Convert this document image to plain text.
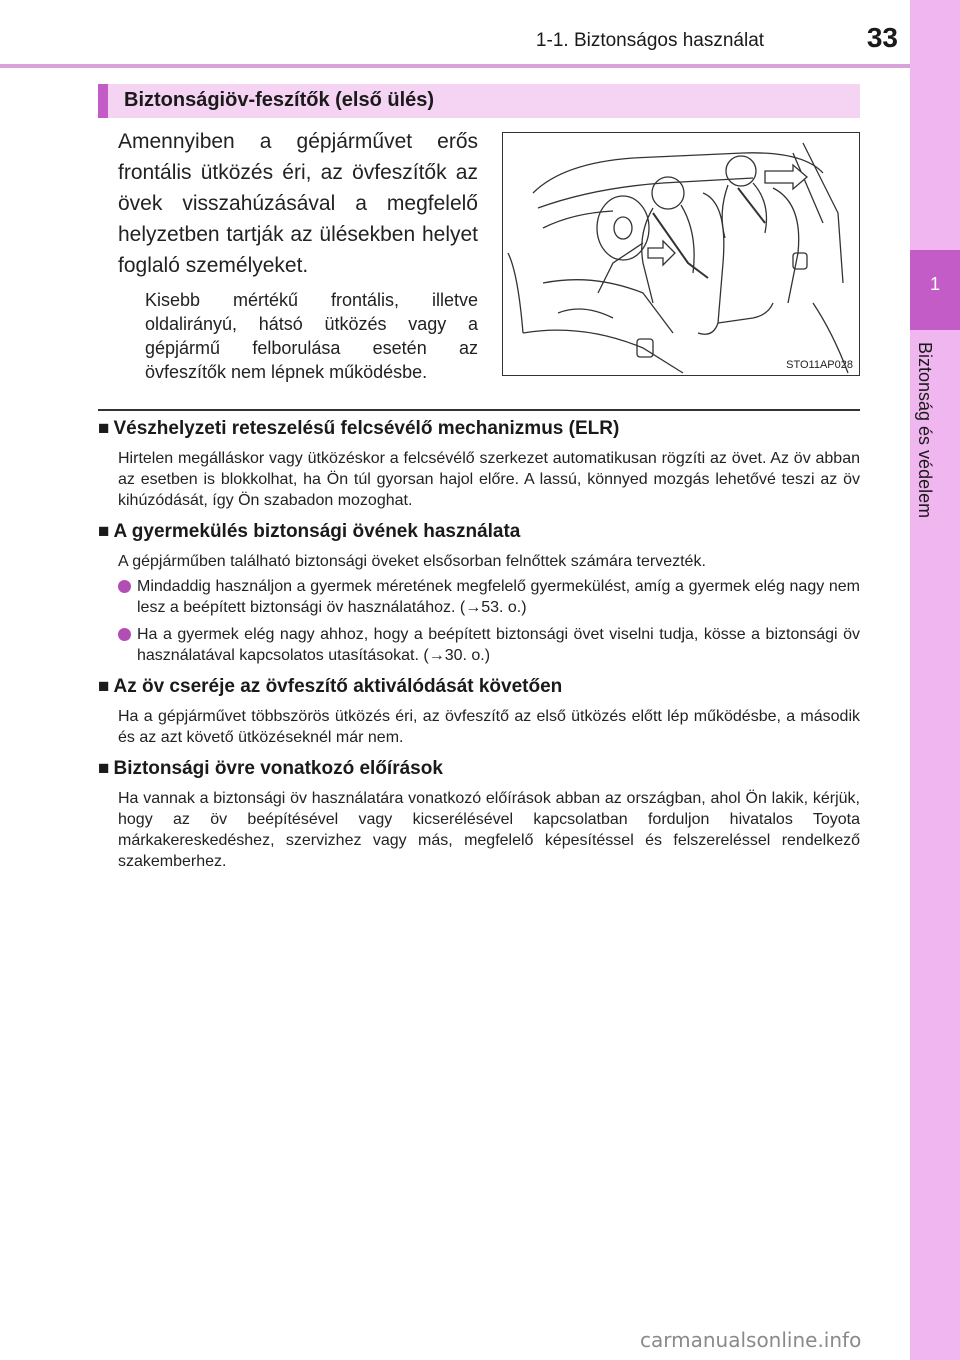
1-1. Biztonságos használat	33
1
Biztonság és védelem
Biztonságiöv-feszítők (első ülés)
Amennyiben a gépjárművet erős frontális ütközés éri, az övfeszítők az övek visszahúzásával a megfelelő helyzetben tartják az ülésekben helyet foglaló személyeket.
Kisebb mértékű frontális, illetve oldalirányú, hátsó ütközés vagy a gépjármű felborulása esetén az övfeszítők nem lépnek működésbe.	STO11AP028
■ Vészhelyzeti reteszelésű felcsévélő mechanizmus (ELR)
Hirtelen megálláskor vagy ütközéskor a felcsévélő szerkezet automatikusan rögzíti az övet. Az öv abban az esetben is blokkolhat, ha Ön túl gyorsan hajol előre. A lassú, könnyed mozgás lehetővé teszi az öv kihúzódását, így Ön szabadon mozoghat.
■ A gyermekülés biztonsági övének használata
A gépjárműben található biztonsági öveket elsősorban felnőttek számára tervezték.
Mindaddig használjon a gyermek méretének megfelelő gyermekülést, amíg a gyermek elég nagy nem lesz a beépített biztonsági öv használatához. (→53. o.)
Ha a gyermek elég nagy ahhoz, hogy a beépített biztonsági övet viselni tudja, kösse a biztonsági öv használatával kapcsolatos utasításokat. (→30. o.)
■ Az öv cseréje az övfeszítő aktiválódását követően
Ha a gépjárművet többszörös ütközés éri, az övfeszítő az első ütközés előtt lép működésbe, a második és az azt követő ütközéseknél már nem.
■ Biztonsági övre vonatkozó előírások
Ha vannak a biztonsági öv használatára vonatkozó előírások abban az országban, ahol Ön lakik, kérjük, hogy az öv beépítésével vagy kicserélésével kapcsolatban forduljon hivatalos Toyota márkakereskedéshez, szervizhez vagy más, megfelelő képesítéssel és felszereléssel rendelkező szakemberhez.
carmanualsonline.info
